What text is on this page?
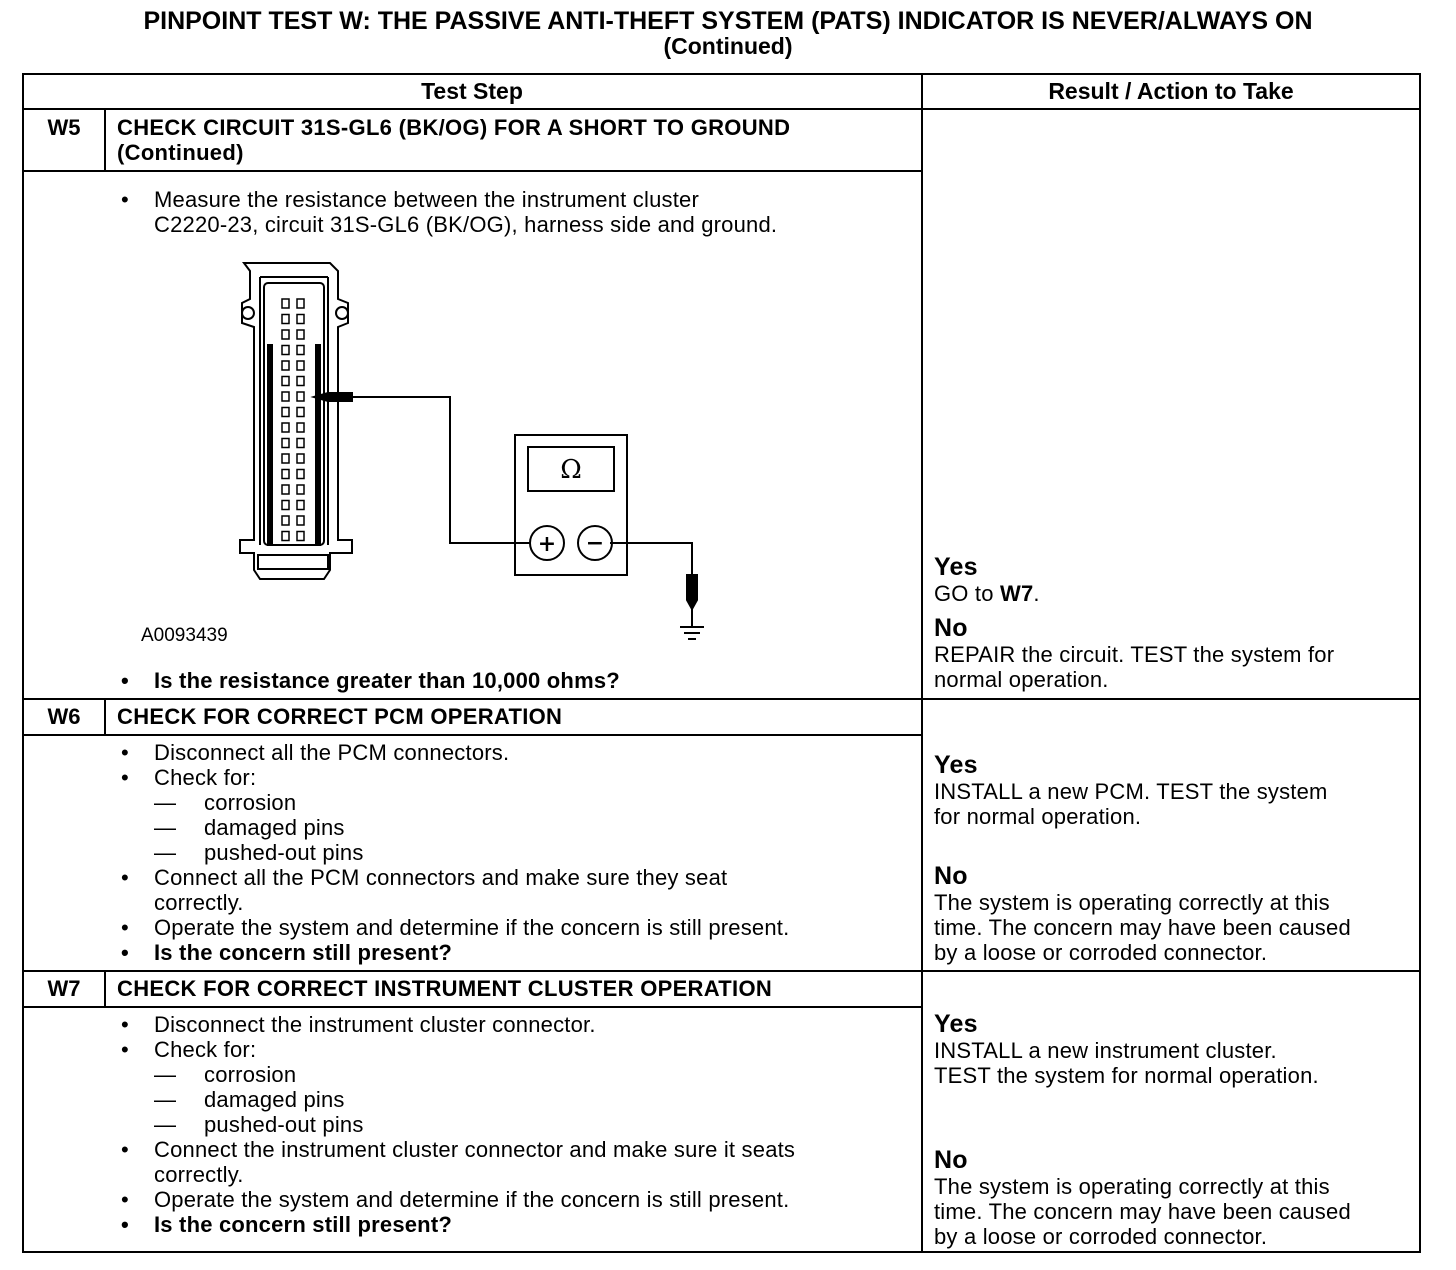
PINPOINT TEST W: THE PASSIVE ANTI-THEFT SYSTEM (PATS) INDICATOR IS NEVER/ALWAYS ON
(Continued)
Test Step	Result / Action to Take
W5	CHECK CIRCUIT 31S-GL6 (BK/OG) FOR A SHORT TO GROUND
(Continued)
• Measure the resistance between the instrument cluster
C2220-23, circuit 31S-GL6 (BK/OG), harness side and ground.
Ω
+ −
A0093439
• Is the resistance greater than 10,000 ohms?
Yes
GO to W7.
No
REPAIR the circuit. TEST the system for
normal operation.
W6	CHECK FOR CORRECT PCM OPERATION
• Disconnect all the PCM connectors.
• Check for:
—	corrosion
—	damaged pins
—	pushed-out pins
• Connect all the PCM connectors and make sure they seat
correctly.
• Operate the system and determine if the concern is still present.
• Is the concern still present?
Yes
INSTALL a new PCM. TEST the system
for normal operation.
No
The system is operating correctly at this
time. The concern may have been caused
by a loose or corroded connector.
W7	CHECK FOR CORRECT INSTRUMENT CLUSTER OPERATION
• Disconnect the instrument cluster connector.
• Check for:
—	corrosion
—	damaged pins
—	pushed-out pins
• Connect the instrument cluster connector and make sure it seats
correctly.
• Operate the system and determine if the concern is still present.
• Is the concern still present?
Yes
INSTALL a new instrument cluster.
TEST the system for normal operation.
No
The system is operating correctly at this
time. The concern may have been caused
by a loose or corroded connector.
